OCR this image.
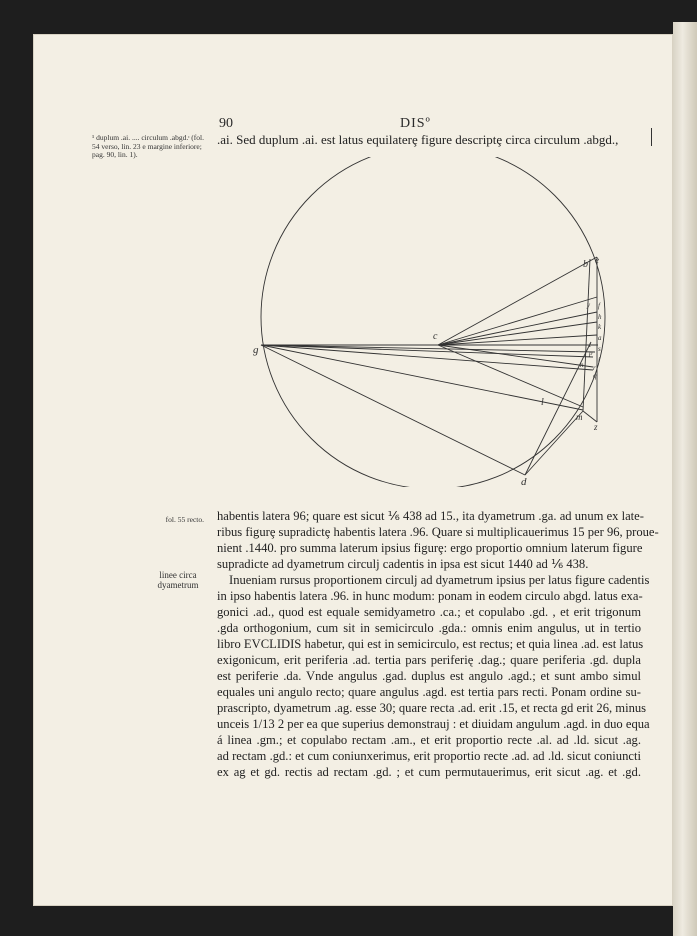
90	DISº
¹ duplum .ai. .... circulum .abgd.ᶦ (fol. 54 verso, lin. 23 e margine inferiore; pag. 90, lin. 1).
.ai. Sed duplum .ai. est latus equilaterȩ figure descriptȩ circa circulum .abgd.,
g
c
b e
d
l
m
z
y f
h
k
a
t
p
n
s
i
r
q
fol. 55 recto. habentis latera 96; quare est sicut ⅙ 438 ad 15., ita dyametrum .ga. ad unum ex late-
ribus figurȩ supradictȩ habentis latera .96. Quare si multiplicauerimus 15 per 96, proue-
nient .1440. pro summa laterum ipsius figurȩ: ergo proportio omnium laterum figure
supradicte ad dyametrum circulj cadentis in ipsa est sicut 1440 ad ⅙ 438.
linee circa dyametrum	Inueniam rursus proportionem circulj ad dyametrum ipsius per latus figure cadentis
in ipso habentis latera .96. in hunc modum: ponam in eodem circulo abgd. latus exa-
gonici .ad., quod est equale semidyametro .ca.; et copulabo .gd. , et erit trigonum
.gda orthogonium, cum sit in semicirculo .gda.: omnis enim angulus, ut in tertio
libro EVCLIDIS habetur, qui est in semicirculo, est rectus; et quia linea .ad. est latus
exigonicum, erit periferia .ad. tertia pars periferię .dag.; quare periferia .gd. dupla
est periferie .da. Vnde angulus .gad. duplus est angulo .agd.; et sunt ambo simul
equales uni angulo recto; quare angulus .agd. est tertia pars recti. Ponam ordine su-
prascripto, dyametrum .ag. esse 30; quare recta .ad. erit .15, et recta gd erit 26, minus
unceis 1/13 2 per ea que superius demonstrauj : et diuidam angulum .agd. in duo equa
á linea .gm.; et copulabo rectam .am., et erit proportio recte .al. ad .ld. sicut .ag.
ad rectam .gd.: et cum coniunxerimus, erit proportio recte .ad. ad .ld. sicut coniuncti
ex ag et gd. rectis ad rectam .gd. ; et cum permutauerimus, erit sicut .ag. et .gd.
